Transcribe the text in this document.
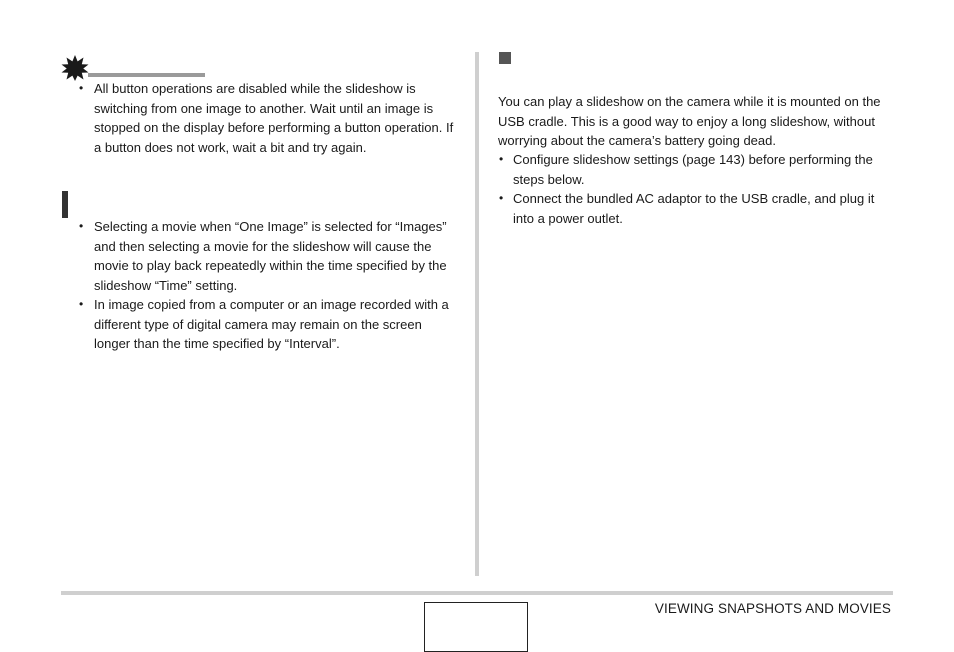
• All button operations are disabled while the slideshow is switching from one image to another. Wait until an image is stopped on the display before performing a button operation. If a button does not work, wait a bit and try again.
• Selecting a movie when “One Image” is selected for “Images” and then selecting a movie for the slideshow will cause the movie to play back repeatedly within the time specified by the slideshow “Time” setting.
• In image copied from a computer or an image recorded with a different type of digital camera may remain on the screen longer than the time specified by “Interval”.

You can play a slideshow on the camera while it is mounted on the USB cradle. This is a good way to enjoy a long slideshow, without worrying about the camera’s battery going dead.

• Configure slideshow settings (page 143) before performing the steps below.
• Connect the bundled AC adaptor to the USB cradle, and plug it into a power outlet.
VIEWING SNAPSHOTS AND MOVIES
